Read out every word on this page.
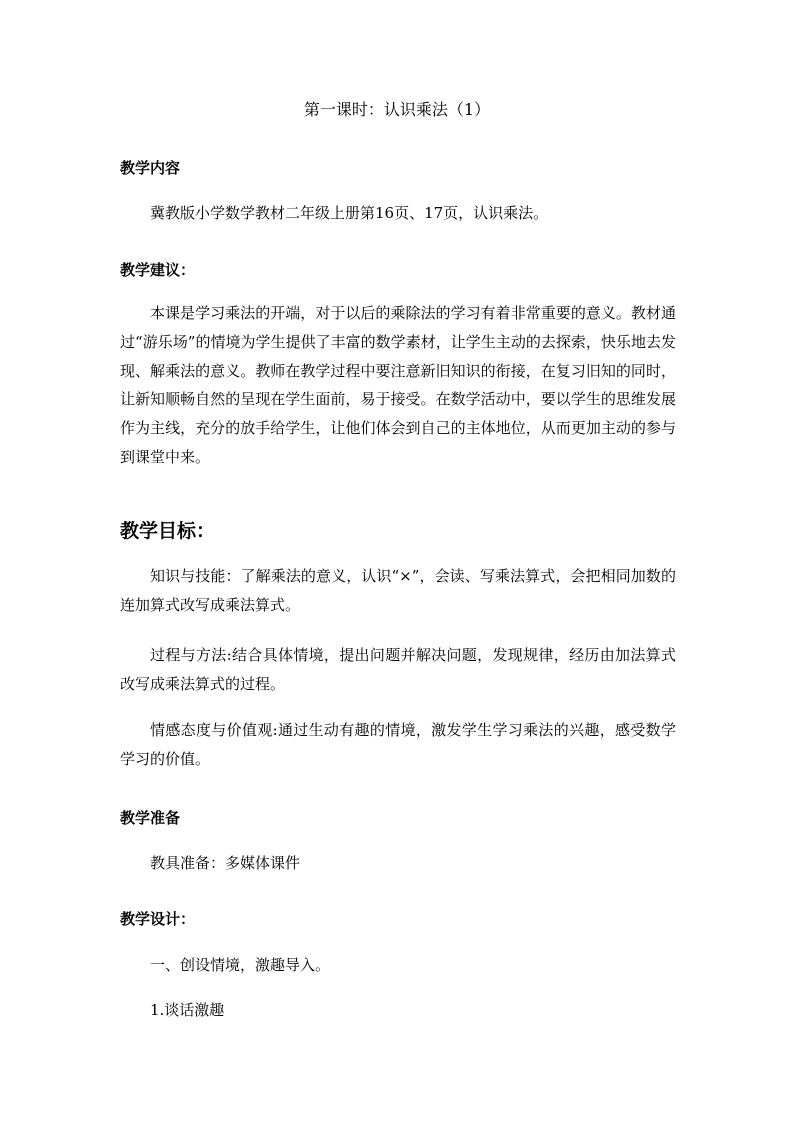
第一课时：认识乘法（1）
教学内容

冀教版小学数学教材二年级上册第16页、17页，认识乘法。

教学建议：

本课是学习乘法的开端，对于以后的乘除法的学习有着非常重要的意义。教材通过“游乐场”的情境为学生提供了丰富的数学素材，让学生主动的去探索，快乐地去发现、解乘法的意义。教师在教学过程中要注意新旧知识的衔接，在复习旧知的同时，让新知顺畅自然的呈现在学生面前，易于接受。在数学活动中，要以学生的思维发展作为主线，充分的放手给学生，让他们体会到自己的主体地位，从而更加主动的参与到课堂中来。

教学目标：

知识与技能：了解乘法的意义，认识“×”，会读、写乘法算式，会把相同加数的连加算式改写成乘法算式。

过程与方法:结合具体情境，提出问题并解决问题，发现规律，经历由加法算式改写成乘法算式的过程。

情感态度与价值观:通过生动有趣的情境，激发学生学习乘法的兴趣，感受数学学习的价值。

教学准备
教具准备：多媒体课件
教学设计：
一、创设情境，激趣导入。
1.谈话激趣
